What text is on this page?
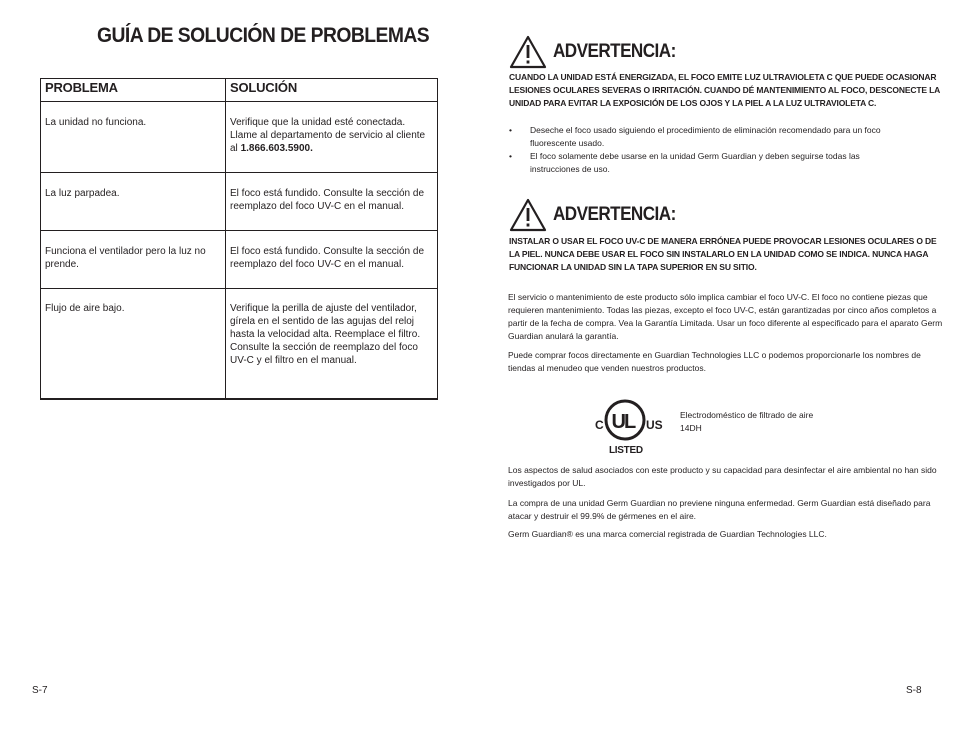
GUÍA DE SOLUCIÓN DE PROBLEMAS
PROBLEMA	SOLUCIÓN
La unidad no funciona.	Verifique que la unidad esté conectada. Llame al departamento de servicio al cliente al 1.866.603.5900.
La luz parpadea.	El foco está fundido. Consulte la sección de reemplazo del foco UV-C en el manual.
Funciona el ventilador pero la luz no prende.	El foco está fundido. Consulte la sección de reemplazo del foco UV-C en el manual.
Flujo de aire bajo.	Verifique la perilla de ajuste del ventilador, gírela en el sentido de las agujas del reloj hasta la velocidad alta. Reemplace el filtro. Consulte la sección de reemplazo del foco UV-C y el filtro en el manual.
S-7
ADVERTENCIA:

CUANDO LA UNIDAD ESTÁ ENERGIZADA, EL FOCO EMITE LUZ ULTRAVIOLETA C QUE PUEDE OCASIONAR LESIONES OCULARES SEVERAS O IRRITACIÓN. CUANDO DÉ MANTENIMIENTO AL FOCO, DESCONECTE LA UNIDAD PARA EVITAR LA EXPOSICIÓN DE LOS OJOS Y LA PIEL A LA LUZ ULTRAVIOLETA C.

• Deseche el foco usado siguiendo el procedimiento de eliminación recomendado para un foco fluorescente usado.
• El foco solamente debe usarse en la unidad Germ Guardian y deben seguirse todas las instrucciones de uso.
ADVERTENCIA:

INSTALAR O USAR EL FOCO UV-C DE MANERA ERRÓNEA PUEDE PROVOCAR LESIONES OCULARES O DE LA PIEL. NUNCA DEBE USAR EL FOCO SIN INSTALARLO EN LA UNIDAD COMO SE INDICA. NUNCA HAGA FUNCIONAR LA UNIDAD SIN LA TAPA SUPERIOR EN SU SITIO.

El servicio o mantenimiento de este producto sólo implica cambiar el foco UV-C. El foco no contiene piezas que requieren mantenimiento. Todas las piezas, excepto el foco UV-C, están garantizadas por cinco años completos a partir de la fecha de compra. Vea la Garantía Limitada. Usar un foco diferente al especificado para el aparato Germ Guardian anulará la garantía.

Puede comprar focos directamente en Guardian Technologies LLC o podemos proporcionarle los nombres de tiendas al menudeo que venden nuestros productos.

C UL US
LISTED
Electrodoméstico de filtrado de aire
14DH

Los aspectos de salud asociados con este producto y su capacidad para desinfectar el aire ambiental no han sido investigados por UL.

La compra de una unidad Germ Guardian no previene ninguna enfermedad. Germ Guardian está diseñado para atacar y destruir el 99.9% de gérmenes en el aire.

Germ Guardian® es una marca comercial registrada de Guardian Technologies LLC.

S-8
